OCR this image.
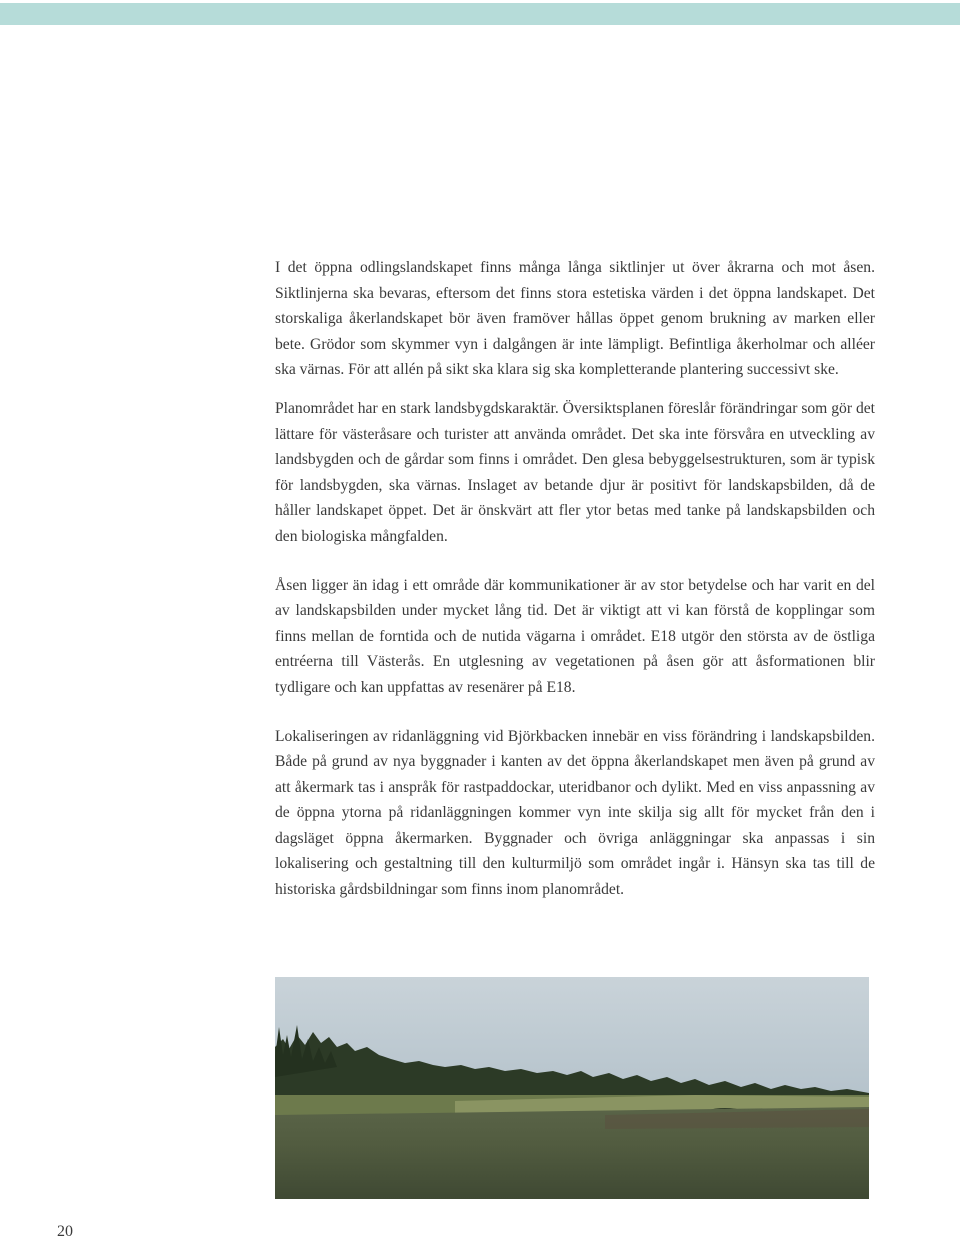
I det öppna odlingslandskapet finns många långa siktlinjer ut över åkrarna och mot åsen. Siktlinjerna ska bevaras, eftersom det finns stora estetiska värden i det öppna landskapet. Det storskaliga åkerlandskapet bör även framöver hållas öppet genom brukning av marken eller bete. Grödor som skymmer vyn i dalgången är inte lämpligt. Befintliga åkerholmar och alléer ska värnas. För att allén på sikt ska klara sig ska kompletterande plantering successivt ske.

Planområdet har en stark landsbygdskaraktär. Översiktsplanen föreslår förändringar som gör det lättare för västeråsare och turister att använda området. Det ska inte försvåra en utveckling av landsbygden och de gårdar som finns i området. Den glesa bebyggelsestrukturen, som är typisk för landsbygden, ska värnas. Inslaget av betande djur är positivt för landskapsbilden, då de håller landskapet öppet. Det är önskvärt att fler ytor betas med tanke på landskapsbilden och den biologiska mångfalden.

Åsen ligger än idag i ett område där kommunikationer är av stor betydelse och har varit en del av landskapsbilden under mycket lång tid. Det är viktigt att vi kan förstå de kopplingar som finns mellan de forntida och de nutida vägarna i området. E18 utgör den största av de östliga entréerna till Västerås. En utglesning av vegetationen på åsen gör att åsformationen blir tydligare och kan uppfattas av resenärer på E18.

Lokaliseringen av ridanläggning vid Björkbacken innebär en viss förändring i landskapsbilden. Både på grund av nya byggnader i kanten av det öppna åkerlandskapet men även på grund av att åkermark tas i anspråk för rastpaddockar, uteridbanor och dylikt. Med en viss anpassning av de öppna ytorna på ridanläggningen kommer vyn inte skilja sig allt för mycket från den i dagsläget öppna åkermarken. Byggnader och övriga anläggningar ska anpassas i sin lokalisering och gestaltning till den kulturmiljö som området ingår i. Hänsyn ska tas till de historiska gårdsbildningar som finns inom planområdet.

20
